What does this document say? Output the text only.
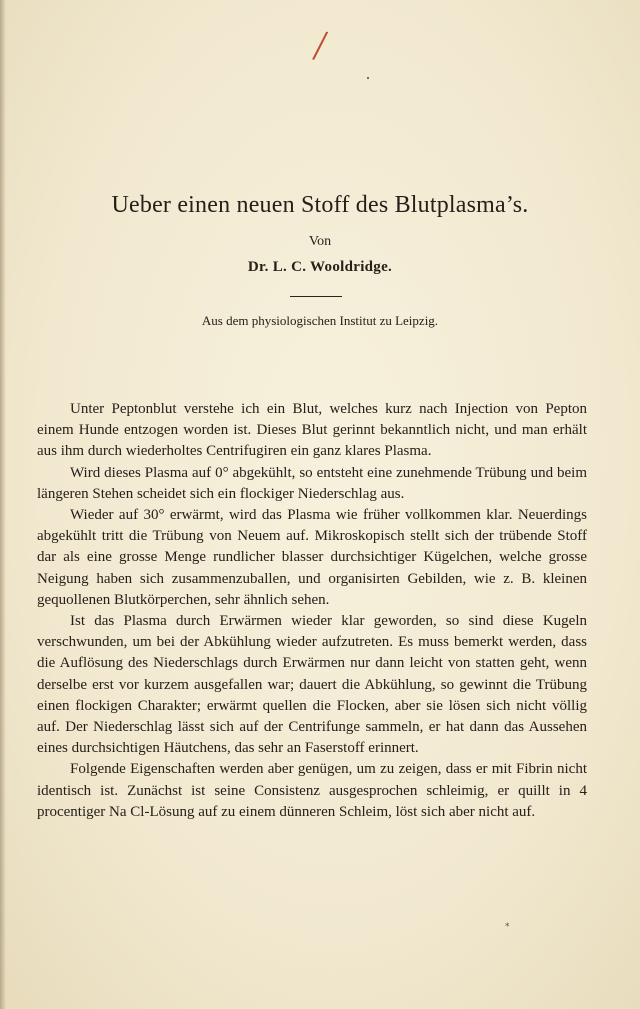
/
Ueber einen neuen Stoff des Blutplasma’s.
Von
Dr. L. C. Wooldridge.
Aus dem physiologischen Institut zu Leipzig.

Unter Peptonblut verstehe ich ein Blut, welches kurz nach Injection von Pepton einem Hunde entzogen worden ist. Dieses Blut gerinnt bekanntlich nicht, und man erhält aus ihm durch wiederholtes Centrifugiren ein ganz klares Plasma.

Wird dieses Plasma auf 0° abgekühlt, so entsteht eine zunehmende Trübung und beim längeren Stehen scheidet sich ein flockiger Niederschlag aus.

Wieder auf 30° erwärmt, wird das Plasma wie früher vollkommen klar. Neuerdings abgekühlt tritt die Trübung von Neuem auf. Mikroskopisch stellt sich der trübende Stoff dar als eine grosse Menge rundlicher blasser durchsichtiger Kügelchen, welche grosse Neigung haben sich zusammenzuballen, und organisirten Gebilden, wie z. B. kleinen gequollenen Blutkörperchen, sehr ähnlich sehen.

Ist das Plasma durch Erwärmen wieder klar geworden, so sind diese Kugeln verschwunden, um bei der Abkühlung wieder aufzutreten. Es muss bemerkt werden, dass die Auflösung des Niederschlags durch Erwärmen nur dann leicht von statten geht, wenn derselbe erst vor kurzem ausgefallen war; dauert die Abkühlung, so gewinnt die Trübung einen flockigen Charakter; erwärmt quellen die Flocken, aber sie lösen sich nicht völlig auf. Der Niederschlag lässt sich auf der Centrifunge sammeln, er hat dann das Aussehen eines durchsichtigen Häutchens, das sehr an Faserstoff erinnert.

Folgende Eigenschaften werden aber genügen, um zu zeigen, dass er mit Fibrin nicht identisch ist. Zunächst ist seine Consistenz ausgesprochen schleimig, er quillt in 4 procentiger Na Cl-Lösung auf zu einem dünneren Schleim, löst sich aber nicht auf.

*
